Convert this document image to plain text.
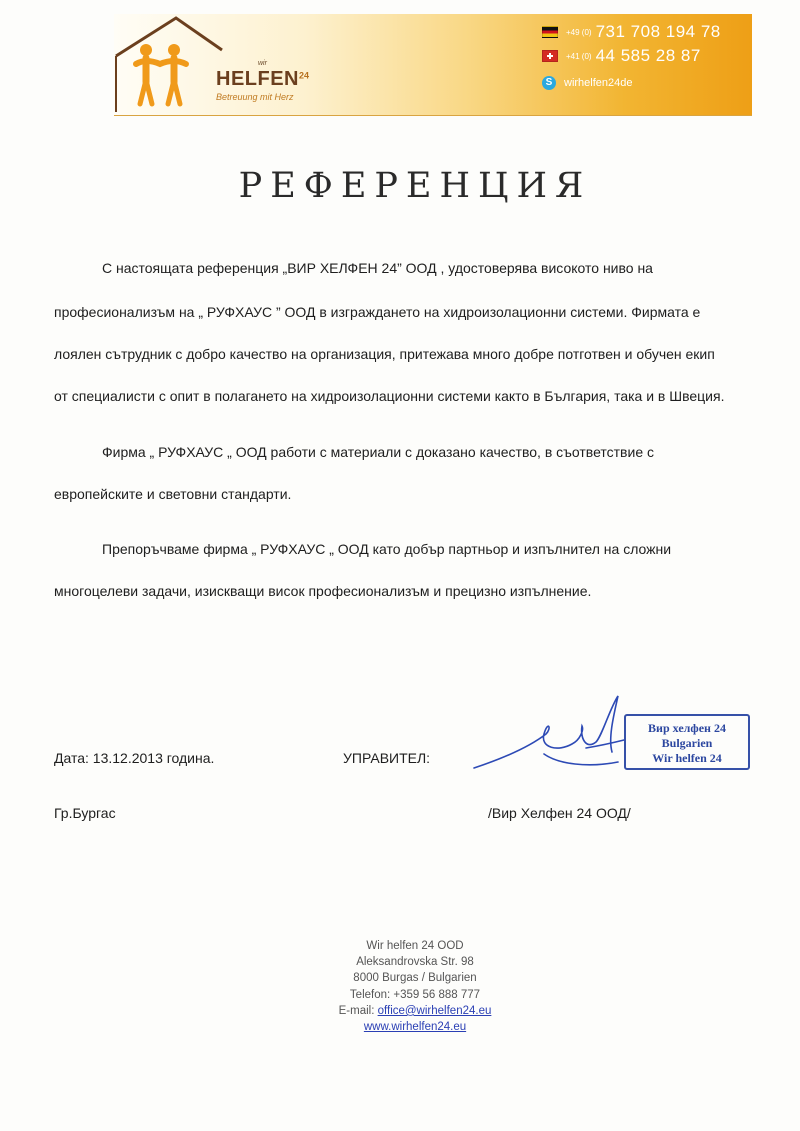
wir
HELFEN$^{24}$
Betreuung mit Herz
+49 (0) 731 708 194 78
+41 (0) 44 585 28 87
S	wirhelfen24de
РЕФЕРЕНЦИЯ
С настоящата референция „ВИР ХЕЛФЕН 24” ООД , удостоверява високото ниво на
професионализъм на „ РУФХАУС ” ООД в изграждането на хидроизолационни системи. Фирмата е
лоялен сътрудник с добро качество на организация, притежава много добре потготвен и обучен екип
от специалисти с опит в полагането на хидроизолационни системи както в България, така и в Швеция.
Фирма „ РУФХАУС „ ООД работи с материали с доказано качество, в съответствие с
европейските и световни стандарти.
Препоръчваме фирма „ РУФХАУС „ ООД като добър партньор и изпълнител на сложни
многоцелеви задачи, изискващи висок професионализъм и прецизно изпълнение.
Дата: 13.12.2013 година.	УПРАВИТЕЛ:
Вир хелфен 24
Bulgarien
Wir helfen 24
Гр.Бургас	/Вир Хелфен 24 ООД/
Wir helfen 24 OOD
Aleksandrovska Str. 98
8000 Burgas / Bulgarien
Telefon: +359 56 888 777
E-mail: office@wirhelfen24.eu
www.wirhelfen24.eu
